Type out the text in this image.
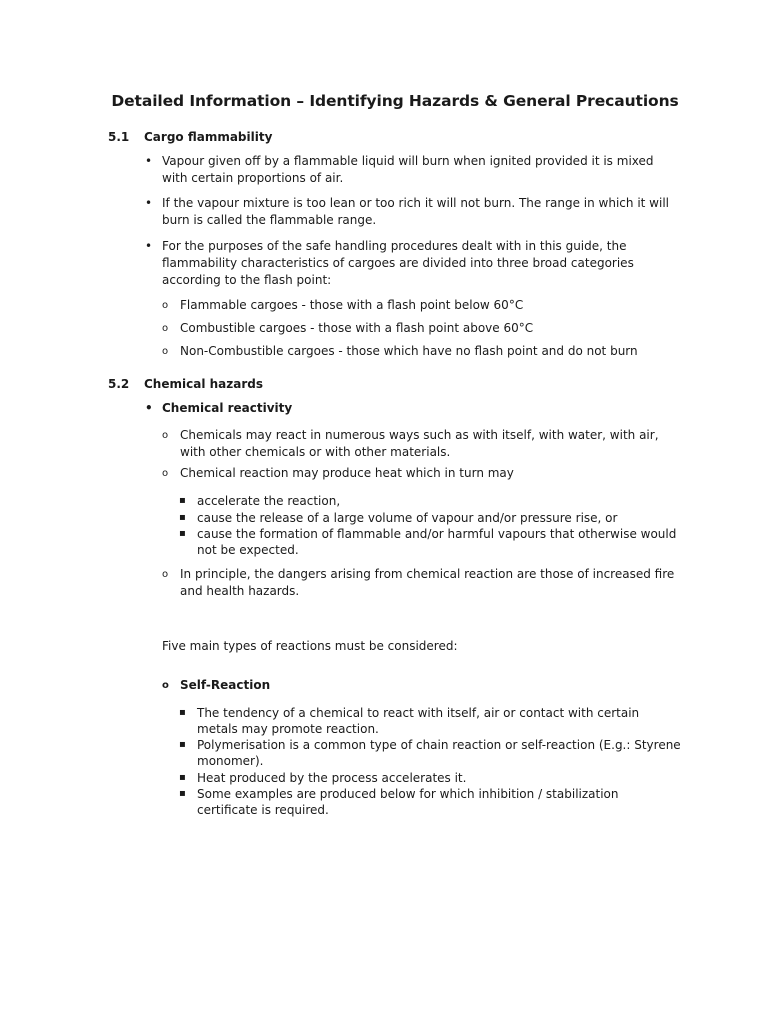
Detailed Information – Identifying Hazards & General Precautions
5.1 Cargo flammability

• Vapour given off by a flammable liquid will burn when ignited provided it is mixed with certain proportions of air.

• If the vapour mixture is too lean or too rich it will not burn. The range in which it will burn is called the flammable range.

• For the purposes of the safe handling procedures dealt with in this guide, the flammability characteristics of cargoes are divided into three broad categories according to the flash point:

o Flammable cargoes - those with a flash point below 60°C

o Combustible cargoes - those with a flash point above 60°C

o Non-Combustible cargoes - those which have no flash point and do not burn

5.2 Chemical hazards

• Chemical reactivity

o Chemicals may react in numerous ways such as with itself, with water, with air, with other chemicals or with other materials.

o Chemical reaction may produce heat which in turn may

▪ accelerate the reaction,

▪ cause the release of a large volume of vapour and/or pressure rise, or

▪ cause the formation of flammable and/or harmful vapours that otherwise would not be expected.

o In principle, the dangers arising from chemical reaction are those of increased fire and health hazards.

Five main types of reactions must be considered:

o Self-Reaction

▪ The tendency of a chemical to react with itself, air or contact with certain metals may promote reaction.

▪ Polymerisation is a common type of chain reaction or self-reaction (E.g.: Styrene monomer).

▪ Heat produced by the process accelerates it.

▪ Some examples are produced below for which inhibition / stabilization certificate is required.
